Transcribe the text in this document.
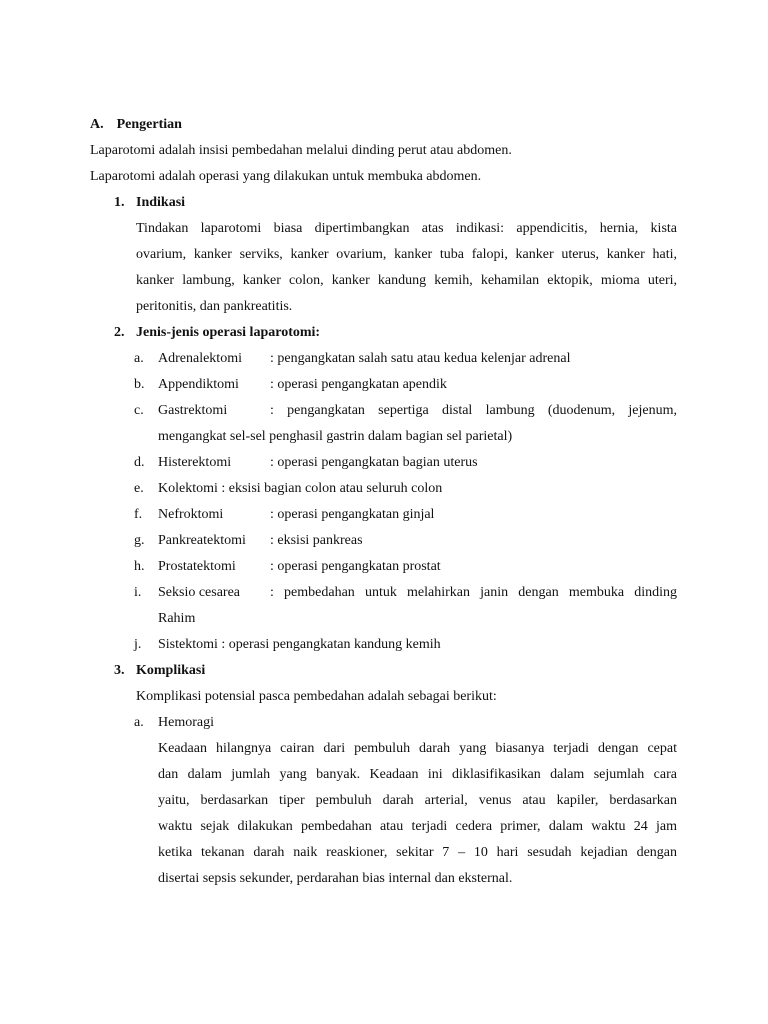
A. Pengertian
Laparotomi adalah insisi pembedahan melalui dinding perut atau abdomen.
Laparotomi adalah operasi yang dilakukan untuk membuka abdomen.
1. Indikasi
Tindakan laparotomi biasa dipertimbangkan atas indikasi: appendicitis, hernia, kista
ovarium, kanker serviks, kanker ovarium, kanker tuba falopi, kanker uterus, kanker hati,
kanker lambung, kanker colon, kanker kandung kemih, kehamilan ektopik, mioma uteri,
peritonitis, dan pankreatitis.
2. Jenis-jenis operasi laparotomi:
a.	Adrenalektomi	: pengangkatan salah satu atau kedua kelenjar adrenal
b. Appendiktomi	: operasi pengangkatan apendik
c.	Gastrektomi	: pengangkatan sepertiga distal lambung (duodenum, jejenum,
mengangkat sel-sel penghasil gastrin dalam bagian sel parietal)
d. Histerektomi	: operasi pengangkatan bagian uterus
e.	Kolektomi : eksisi bagian colon atau seluruh colon
f.	Nefroktomi	: operasi pengangkatan ginjal
g. Pankreatektomi	: eksisi pankreas
h. Prostatektomi	: operasi pengangkatan prostat
i.	Seksio cesarea	: pembedahan untuk melahirkan janin dengan membuka dinding
Rahim
j.	Sistektomi : operasi pengangkatan kandung kemih
3. Komplikasi
Komplikasi potensial pasca pembedahan adalah sebagai berikut:
a.	Hemoragi
Keadaan hilangnya cairan dari pembuluh darah yang biasanya terjadi dengan cepat
dan dalam jumlah yang banyak. Keadaan ini diklasifikasikan dalam sejumlah cara
yaitu, berdasarkan tiper pembuluh darah arterial, venus atau kapiler, berdasarkan
waktu sejak dilakukan pembedahan atau terjadi cedera primer, dalam waktu 24 jam
ketika tekanan darah naik reaskioner, sekitar 7 – 10 hari sesudah kejadian dengan
disertai sepsis sekunder, perdarahan bias internal dan eksternal.
